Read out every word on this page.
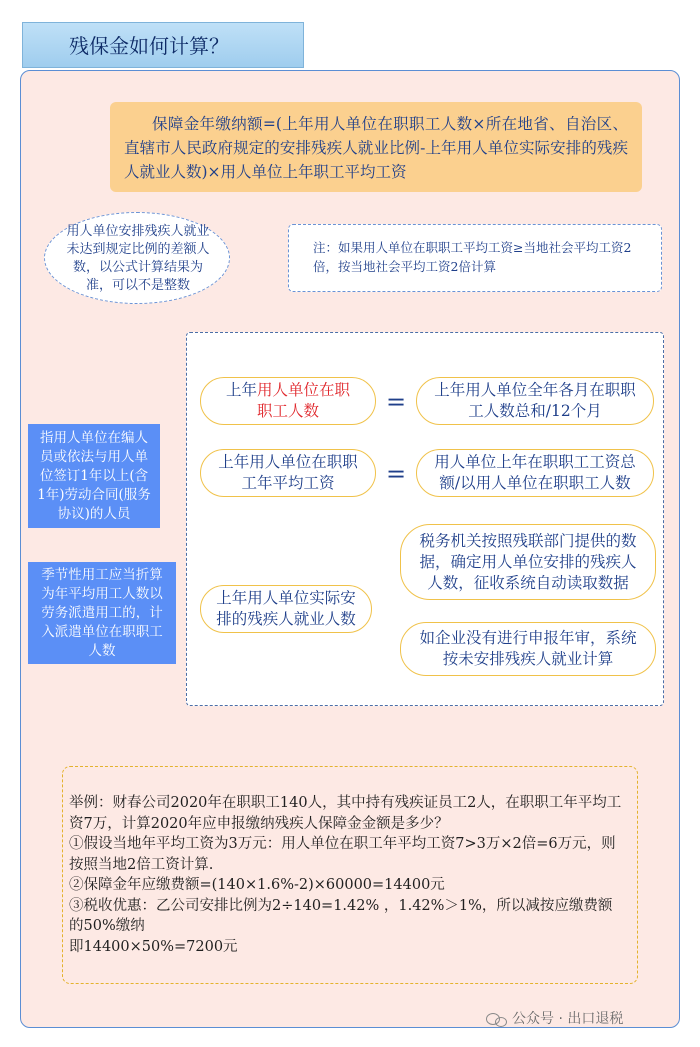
残保金如何计算？
保障金年缴纳额=(上年用人单位在职职工人数×所在地省、自治区、直辖市人民政府规定的安排残疾人就业比例-上年用人单位实际安排的残疾人就业人数)×用人单位上年职工平均工资
用人单位安排残疾人就业未达到规定比例的差额人数，以公式计算结果为准，可以不是整数
注：如果用人单位在职职工平均工资≥当地社会平均工资2倍，按当地社会平均工资2倍计算
上年用人单位在职
职工人数	=	上年用人单位全年各月在职职工人数总和/12个月
上年用人单位在职职工年平均工资	=	用人单位上年在职职工工资总额/以用人单位在职职工人数
上年用人单位实际安排的残疾人就业人数
税务机关按照残联部门提供的数据，确定用人单位安排的残疾人人数，征收系统自动读取数据
如企业没有进行申报年审，系统按未安排残疾人就业计算
指用人单位在编人员或依法与用人单位签订1年以上(含1年)劳动合同(服务协议)的人员
季节性用工应当折算为年平均用工人数以劳务派遣用工的，计入派遣单位在职职工人数
举例：财春公司2020年在职职工140人，其中持有残疾证员工2人，在职职工年平均工资7万，计算2020年应申报缴纳残疾人保障金金额是多少？
①假设当地年平均工资为3万元：用人单位在职工年平均工资7>3万×2倍=6万元，则按照当地2倍工资计算.
②保障金年应缴费额=(140×1.6%-2)×60000=14400元
③税收优惠：乙公司安排比例为2÷140=1.42% ，1.42%＞1%，所以减按应缴费额的50%缴纳
即14400×50%=7200元
公众号 · 出口退税
